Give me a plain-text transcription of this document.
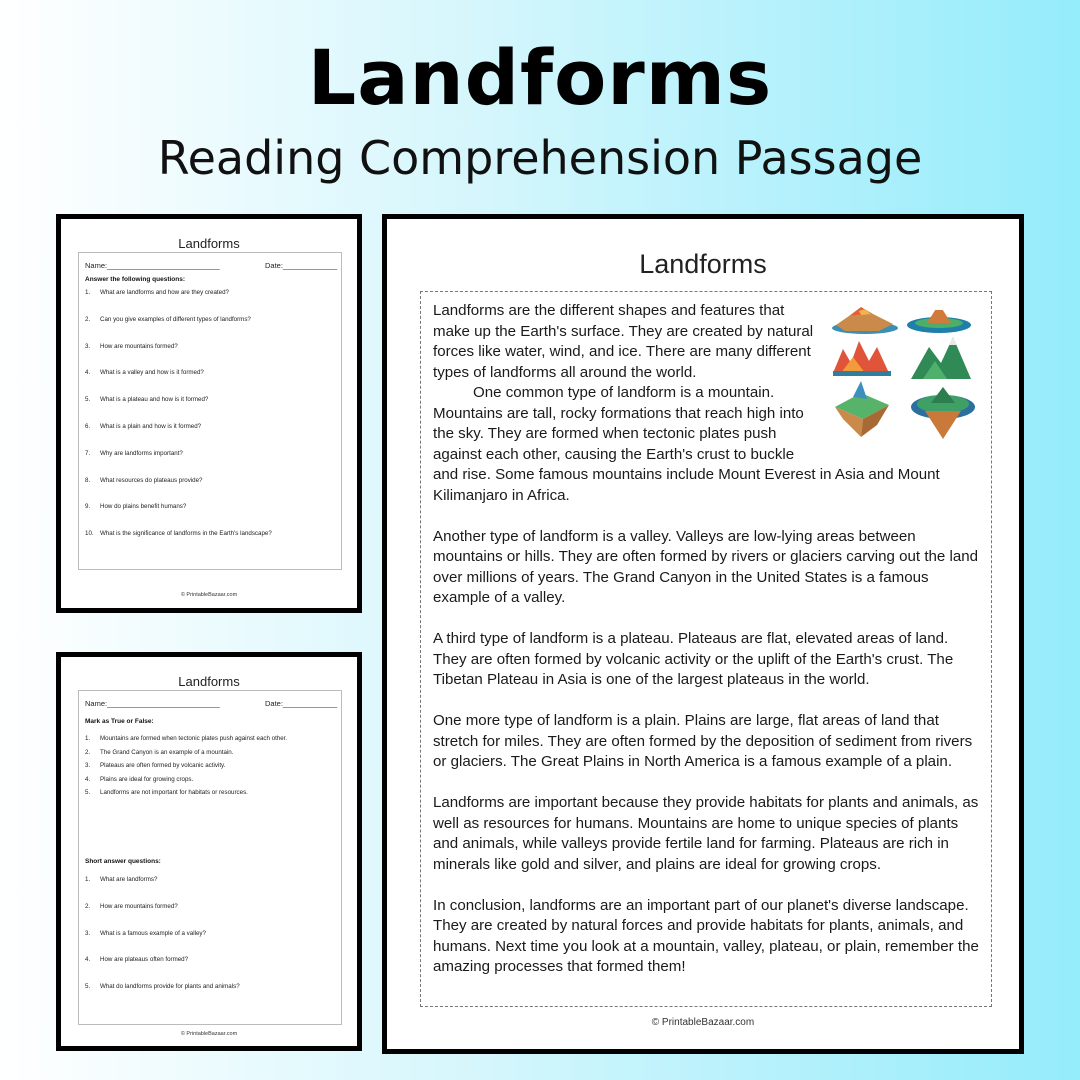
Landforms
Reading Comprehension Passage
Landforms
Name:___________________________	Date:_____________
Answer the following questions:
1. What are landforms and how are they created?
2. Can you give examples of different types of landforms?
3. How are mountains formed?
4. What is a valley and how is it formed?
5. What is a plateau and how is it formed?
6. What is a plain and how is it formed?
7. Why are landforms important?
8. What resources do plateaus provide?
9. How do plains benefit humans?
10. What is the significance of landforms in the Earth's landscape?
© PrintableBazaar.com
Landforms
Name:___________________________	Date:_____________
Mark as True or False:
1. Mountains are formed when tectonic plates push against each other.
2. The Grand Canyon is an example of a mountain.
3. Plateaus are often formed by volcanic activity.
4. Plains are ideal for growing crops.
5. Landforms are not important for habitats or resources.
Short answer questions:
1. What are landforms?
2. How are mountains formed?
3. What is a famous example of a valley?
4. How are plateaus often formed?
5. What do landforms provide for plants and animals?
© PrintableBazaar.com
Landforms
Landforms are the different shapes and features that make up the Earth's surface. They are created by natural forces like water, wind, and ice. There are many different types of landforms all around the world.
One common type of landform is a mountain. Mountains are tall, rocky formations that reach high into the sky. They are formed when tectonic plates push against each other, causing the Earth's crust to buckle and rise. Some famous mountains include Mount Everest in Asia and Mount Kilimanjaro in Africa.

Another type of landform is a valley. Valleys are low-lying areas between mountains or hills. They are often formed by rivers or glaciers carving out the land over millions of years. The Grand Canyon in the United States is a famous example of a valley.

A third type of landform is a plateau. Plateaus are flat, elevated areas of land. They are often formed by volcanic activity or the uplift of the Earth's crust. The Tibetan Plateau in Asia is one of the largest plateaus in the world.

One more type of landform is a plain. Plains are large, flat areas of land that stretch for miles. They are often formed by the deposition of sediment from rivers or glaciers. The Great Plains in North America is a famous example of a plain.

Landforms are important because they provide habitats for plants and animals, as well as resources for humans. Mountains are home to unique species of plants and animals, while valleys provide fertile land for farming. Plateaus are rich in minerals like gold and silver, and plains are ideal for growing crops.

In conclusion, landforms are an important part of our planet's diverse landscape. They are created by natural forces and provide habitats for plants, animals, and humans. Next time you look at a mountain, valley, plateau, or plain, remember the amazing processes that formed them!

© PrintableBazaar.com
